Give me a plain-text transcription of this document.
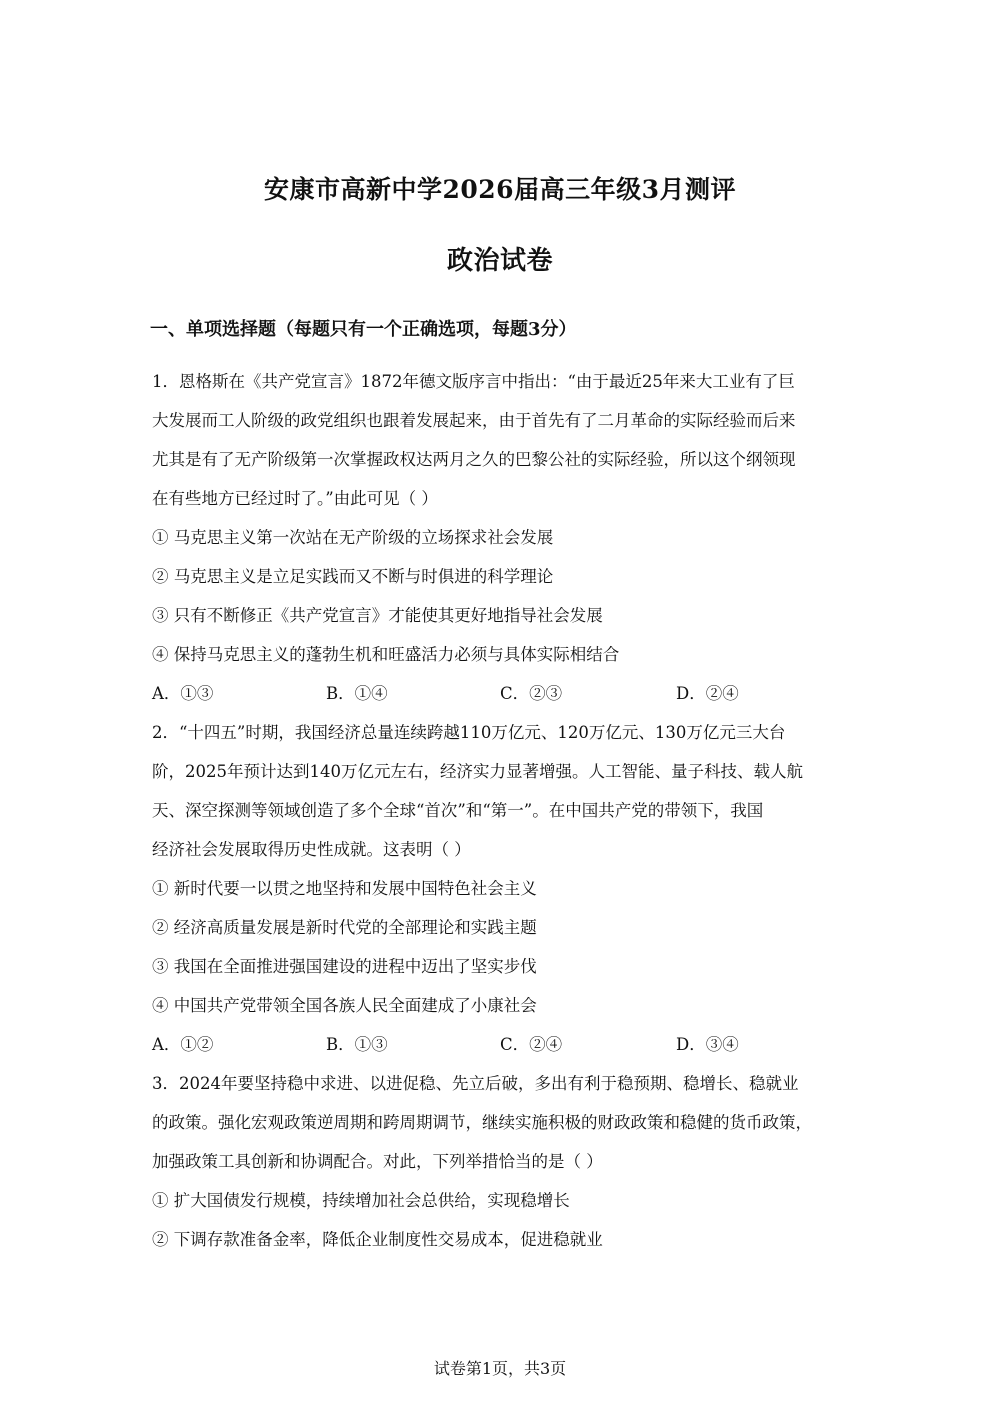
安康市高新中学2026届高三年级3月测评
政治试卷
一、单项选择题（每题只有一个正确选项，每题3分）
1．恩格斯在《共产党宣言》1872年德文版序言中指出：“由于最近25年来大工业有了巨
大发展而工人阶级的政党组织也跟着发展起来，由于首先有了二月革命的实际经验而后来
尤其是有了无产阶级第一次掌握政权达两月之久的巴黎公社的实际经验，所以这个纲领现
在有些地方已经过时了。”由此可见（ ）
① 马克思主义第一次站在无产阶级的立场探求社会发展
② 马克思主义是立足实践而又不断与时俱进的科学理论
③ 只有不断修正《共产党宣言》才能使其更好地指导社会发展
④ 保持马克思主义的蓬勃生机和旺盛活力必须与具体实际相结合
A．①③	B．①④	C．②③	D．②④
2．“十四五”时期，我国经济总量连续跨越110万亿元、120万亿元、130万亿元三大台
阶，2025年预计达到140万亿元左右，经济实力显著增强。人工智能、量子科技、载人航
天、深空探测等领域创造了多个全球“首次”和“第一”。在中国共产党的带领下，我国
经济社会发展取得历史性成就。这表明（ ）
① 新时代要一以贯之地坚持和发展中国特色社会主义
② 经济高质量发展是新时代党的全部理论和实践主题
③ 我国在全面推进强国建设的进程中迈出了坚实步伐
④ 中国共产党带领全国各族人民全面建成了小康社会
A．①②	B．①③	C．②④	D．③④
3．2024年要坚持稳中求进、以进促稳、先立后破，多出有利于稳预期、稳增长、稳就业
的政策。强化宏观政策逆周期和跨周期调节，继续实施积极的财政政策和稳健的货币政策，
加强政策工具创新和协调配合。对此，下列举措恰当的是（ ）
① 扩大国债发行规模，持续增加社会总供给，实现稳增长
② 下调存款准备金率，降低企业制度性交易成本，促进稳就业
试卷第1页，共3页
